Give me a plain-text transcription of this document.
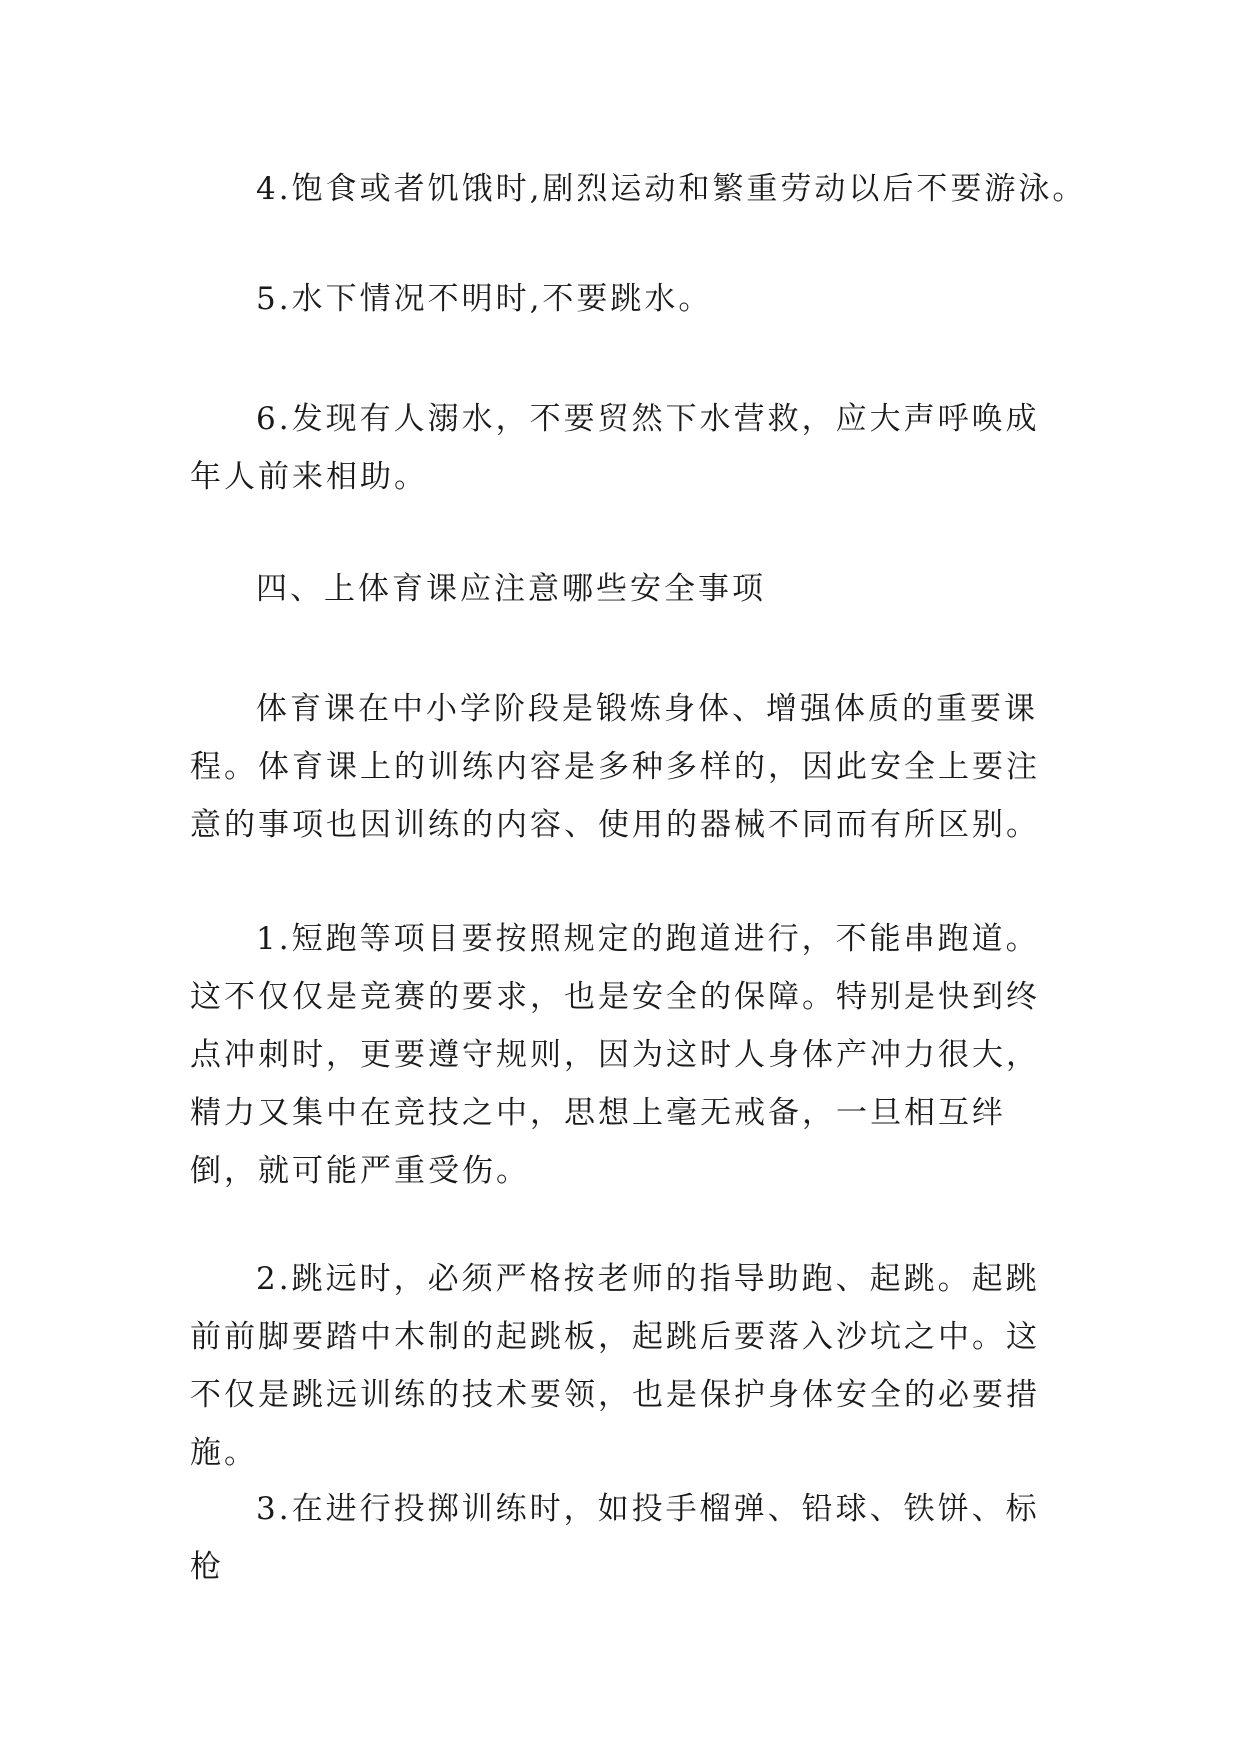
4.饱食或者饥饿时,剧烈运动和繁重劳动以后不要游泳。

5.水下情况不明时,不要跳水。

6.发现有人溺水，不要贸然下水营救，应大声呼唤成年人前来相助。

四、上体育课应注意哪些安全事项

体育课在中小学阶段是锻炼身体、增强体质的重要课程。体育课上的训练内容是多种多样的，因此安全上要注意的事项也因训练的内容、使用的器械不同而有所区别。

1.短跑等项目要按照规定的跑道进行，不能串跑道。这不仅仅是竞赛的要求，也是安全的保障。特别是快到终点冲刺时，更要遵守规则，因为这时人身体产冲力很大，精力又集中在竞技之中，思想上毫无戒备，一旦相互绊倒，就可能严重受伤。

2.跳远时，必须严格按老师的指导助跑、起跳。起跳前前脚要踏中木制的起跳板，起跳后要落入沙坑之中。这不仅是跳远训练的技术要领，也是保护身体安全的必要措施。

3.在进行投掷训练时，如投手榴弹、铅球、铁饼、标枪
